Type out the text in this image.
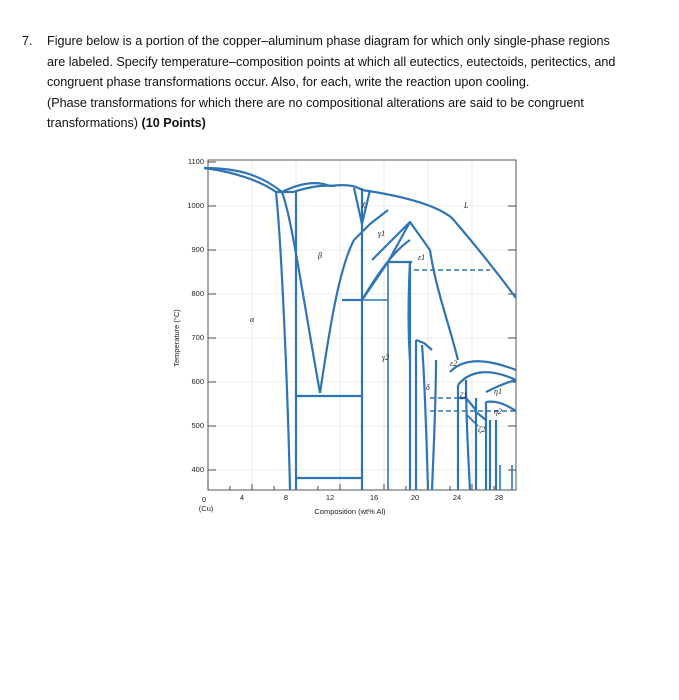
7. Figure below is a portion of the copper–aluminum phase diagram for which only single-phase regions
are labeled. Specify temperature–composition points at which all eutectics, eutectoids, peritectics, and
congruent phase transformations occur. Also, for each, write the reaction upon cooling.
(Phase transformations for which there are no compositional alterations are said to be congruent
transformations) (10 Points)
α
β
χ
γ1
γ2
ε1
ε2
δ
ζ1
ζ2
η1
η2
L
1100
1000
900
800
700
600
500
400
0	4	8	12	16	20	24	28
(Cu)	Composition (wt% Al)
Temperature (°C)
